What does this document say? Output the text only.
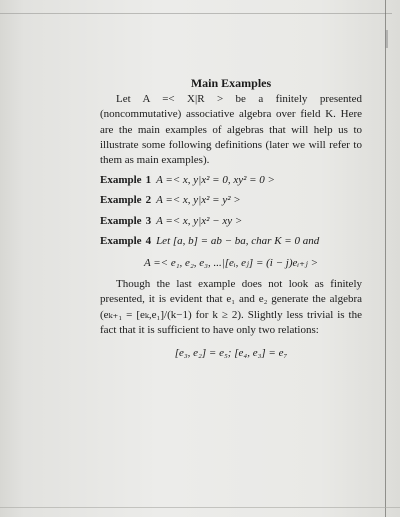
Main Examples

Let A =< X|R > be a finitely presented (noncommutative) associative algebra over field K. Here are the main examples of algebras that will help us to illustrate some following definitions (later we will refer to them as main examples).

Example 1 A =< x, y|x² = 0, xy² = 0 >

Example 2 A =< x, y|x² = y² >

Example 3 A =< x, y|x² − xy >

Example 4 Let [a, b] = ab − ba, char K = 0 and

A =< e₁, e₂, e₃, ...|[eᵢ, eⱼ] = (i − j)eᵢ₊ⱼ >

Though the last example does not look as finitely presented, it is evident that e₁ and e₂ generate the algebra (eₖ₊₁ = [eₖ,e₁]/(k−1) for k ≥ 2). Slightly less trivial is the fact that it is sufficient to have only two relations:

[e₃, e₂] = e₅; [e₄, e₃] = e₇
